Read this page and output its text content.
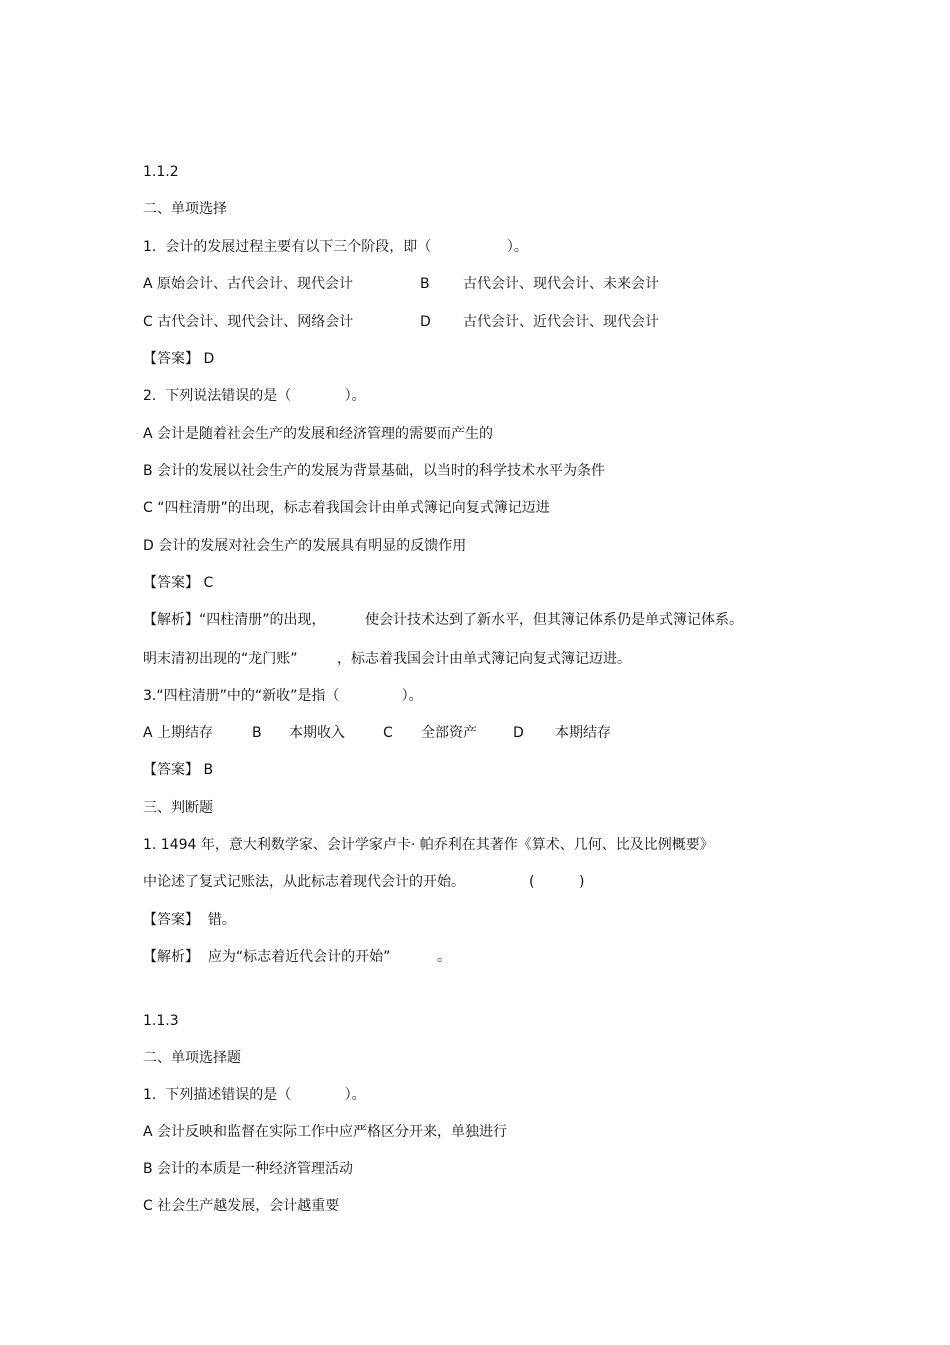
1.1.2
二、单项选择
1.  会计的发展过程主要有以下三个阶段，即（                 ）。

A 原始会计、古代会计、现代会计

	B

古代会计、现代会计、未来会计

C 古代会计、现代会计、网络会计

	D

古代会计、近代会计、现代会计

【答案】 D
2.  下列说法错误的是（            ）。
A 会计是随着社会生产的发展和经济管理的需要而产生的
B 会计的发展以社会生产的发展为背景基础，以当时的科学技术水平为条件
C “四柱清册”的出现，标志着我国会计由单式簿记向复式簿记迈进
D 会计的发展对社会生产的发展具有明显的反馈作用
【答案】 C

【解析】“四柱清册”的出现，

	使会计技术达到了新水平，但其簿记体系仍是单式簿记体系。

明末清初出现的“龙门账”

	，标志着我国会计由单式簿记向复式簿记迈进。

3.“四柱清册”中的“新收”是指（              ）。

A 上期结存

	B

本期收入

	C

全部资产

	D

本期结存

【答案】 B
三、判断题
1. 1494 年，意大利数学家、会计学家卢卡· 帕乔利在其著作《算术、几何、比及比例概要》

中论述了复式记账法，从此标志着现代会计的开始。

	(          )

【答案】  错。

【解析】  应为“标志着近代会计的开始”

	。

1.1.3
二、单项选择题
1.  下列描述错误的是（            ）。
A 会计反映和监督在实际工作中应严格区分开来，单独进行
B 会计的本质是一种经济管理活动
C 社会生产越发展，会计越重要
